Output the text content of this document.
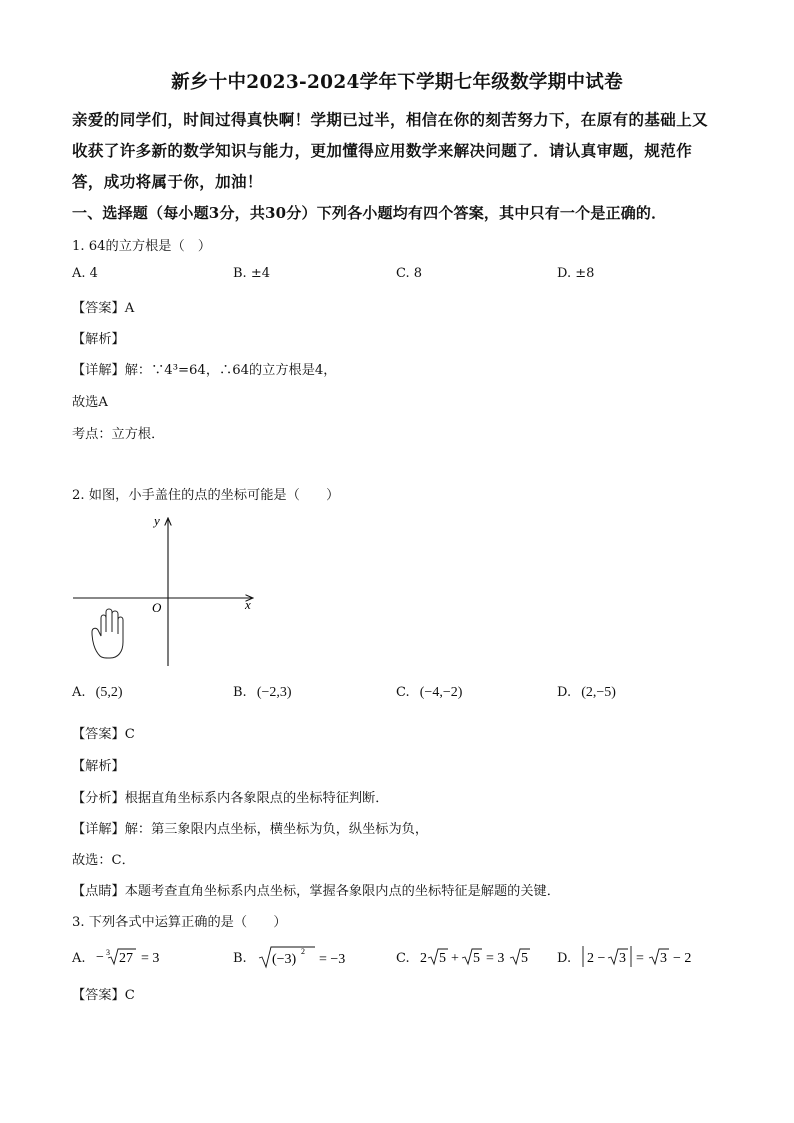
新乡十中2023-2024学年下学期七年级数学期中试卷
亲爱的同学们，时间过得真快啊！学期已过半，相信在你的刻苦努力下，在原有的基础上又
收获了许多新的数学知识与能力，更加懂得应用数学来解决问题了．请认真审题，规范作
答，成功将属于你，加油！
一、选择题（每小题3分，共30分）下列各小题均有四个答案，其中只有一个是正确的．
1. 64的立方根是（　）
A. 4	B. ±4	C. 8	D. ±8
【答案】A
【解析】
【详解】解：∵4³=64，∴64的立方根是4，
故选A
考点：立方根．
2. 如图，小手盖住的点的坐标可能是（　　）
y
x
O
A. (5,2)	B. (−2,3)	C. (−4,−2)	D. (2,−5)
【答案】C
【解析】
【分析】根据直角坐标系内各象限点的坐标特征判断．
【详解】解：第三象限内点坐标，横坐标为负，纵坐标为负，
故选：C．
【点睛】本题考查直角坐标系内点坐标，掌握各象限内点的坐标特征是解题的关键．
3. 下列各式中运算正确的是（　　）
A. − 3 27 = 3	B. (−3)
2
= −3	C. 2 5 + 5 = 3 5 D. 2 − 3 = 3 − 2
【答案】C
